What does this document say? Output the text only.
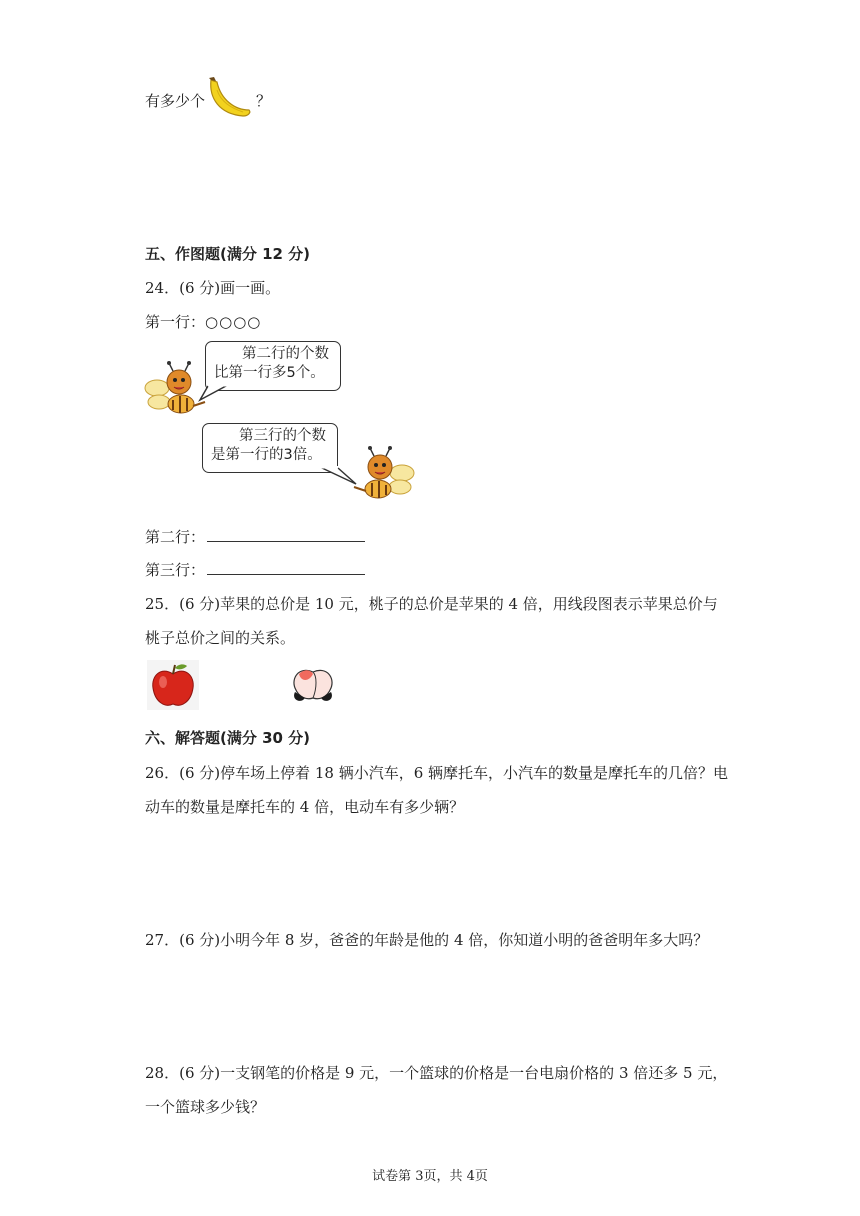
有多少个	？
五、作图题(满分 12 分)
24．(6 分)画一画。
第一行：○○○○
第二行的个数
比第一行多5个。
第三行的个数
是第一行的3倍。
第二行：
第三行：
25．(6 分)苹果的总价是 10 元，桃子的总价是苹果的 4 倍，用线段图表示苹果总价与
桃子总价之间的关系。
六、解答题(满分 30 分)
26．(6 分)停车场上停着 18 辆小汽车，6 辆摩托车，小汽车的数量是摩托车的几倍？电
动车的数量是摩托车的 4 倍，电动车有多少辆？
27．(6 分)小明今年 8 岁，爸爸的年龄是他的 4 倍，你知道小明的爸爸明年多大吗？
28．(6 分)一支钢笔的价格是 9 元，一个篮球的价格是一台电扇价格的 3 倍还多 5 元，
一个篮球多少钱？
试卷第 3页，共 4页
